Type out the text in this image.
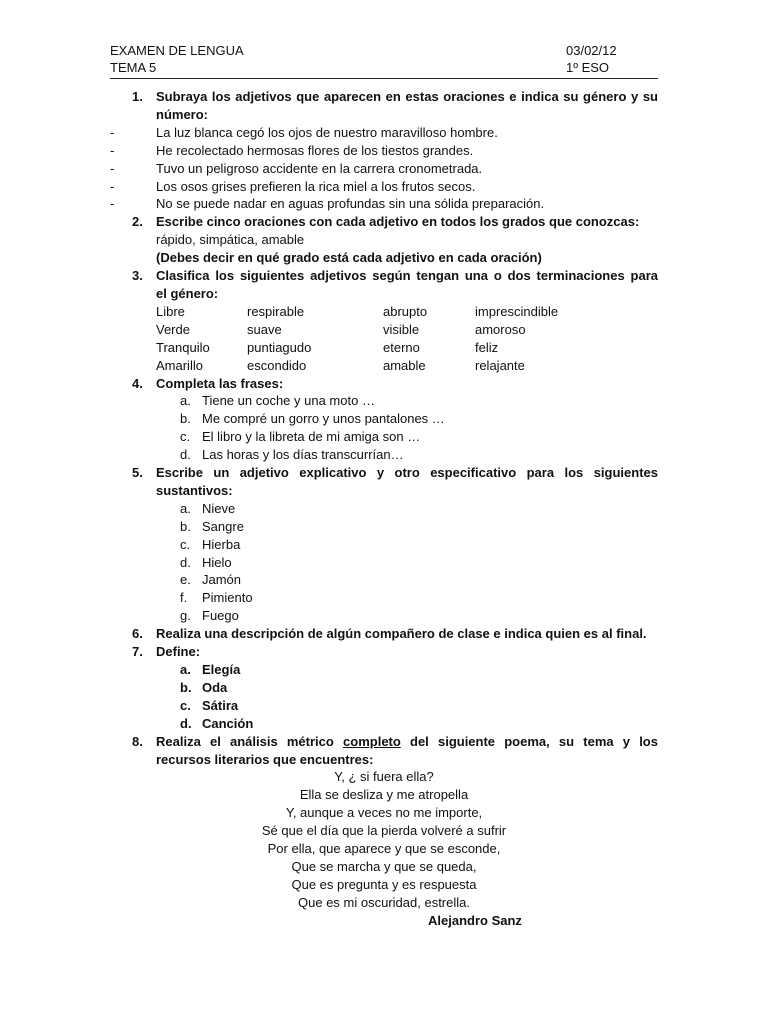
EXAMEN DE LENGUA	03/02/12
TEMA 5	1º ESO
1. Subraya los adjetivos que aparecen en estas oraciones e indica su género y su
número:
-	La luz blanca cegó los ojos de nuestro maravilloso hombre.
-	He recolectado hermosas flores de los tiestos grandes.
-	Tuvo un peligroso accidente en la carrera cronometrada.
-	Los osos grises prefieren la rica miel a los frutos secos.
-	No se puede nadar en aguas profundas sin una sólida preparación.
2. Escribe cinco oraciones con cada adjetivo en todos los grados que conozcas:
rápido, simpática, amable
(Debes decir en qué grado está cada adjetivo en cada oración)
3. Clasifica los siguientes adjetivos según tengan una o dos terminaciones para
el género:
Libre	respirable	abrupto	imprescindible
Verde	suave	visible	amoroso
Tranquilo	puntiagudo	eterno	feliz
Amarillo	escondido	amable	relajante
4. Completa las frases:
a. Tiene un coche y una moto …
b. Me compré un gorro y unos pantalones …
c. El libro y la libreta de mi amiga son …
d. Las horas y los días transcurrían…
5. Escribe un adjetivo explicativo y otro especificativo para los siguientes
sustantivos:
a. Nieve
b. Sangre
c. Hierba
d. Hielo
e. Jamón
f. Pimiento
g. Fuego
6. Realiza una descripción de algún compañero de clase e indica quien es al final.
7. Define:
a. Elegía
b. Oda
c. Sátira
d. Canción
8. Realiza el análisis métrico completo del siguiente poema, su tema y los
recursos literarios que encuentres:
Y, ¿ si fuera ella?
Ella se desliza y me atropella
Y, aunque a veces no me importe,
Sé que el día que la pierda volveré a sufrir
Por ella, que aparece y que se esconde,
Que se marcha y que se queda,
Que es pregunta y es respuesta
Que es mi oscuridad, estrella.
Alejandro Sanz
